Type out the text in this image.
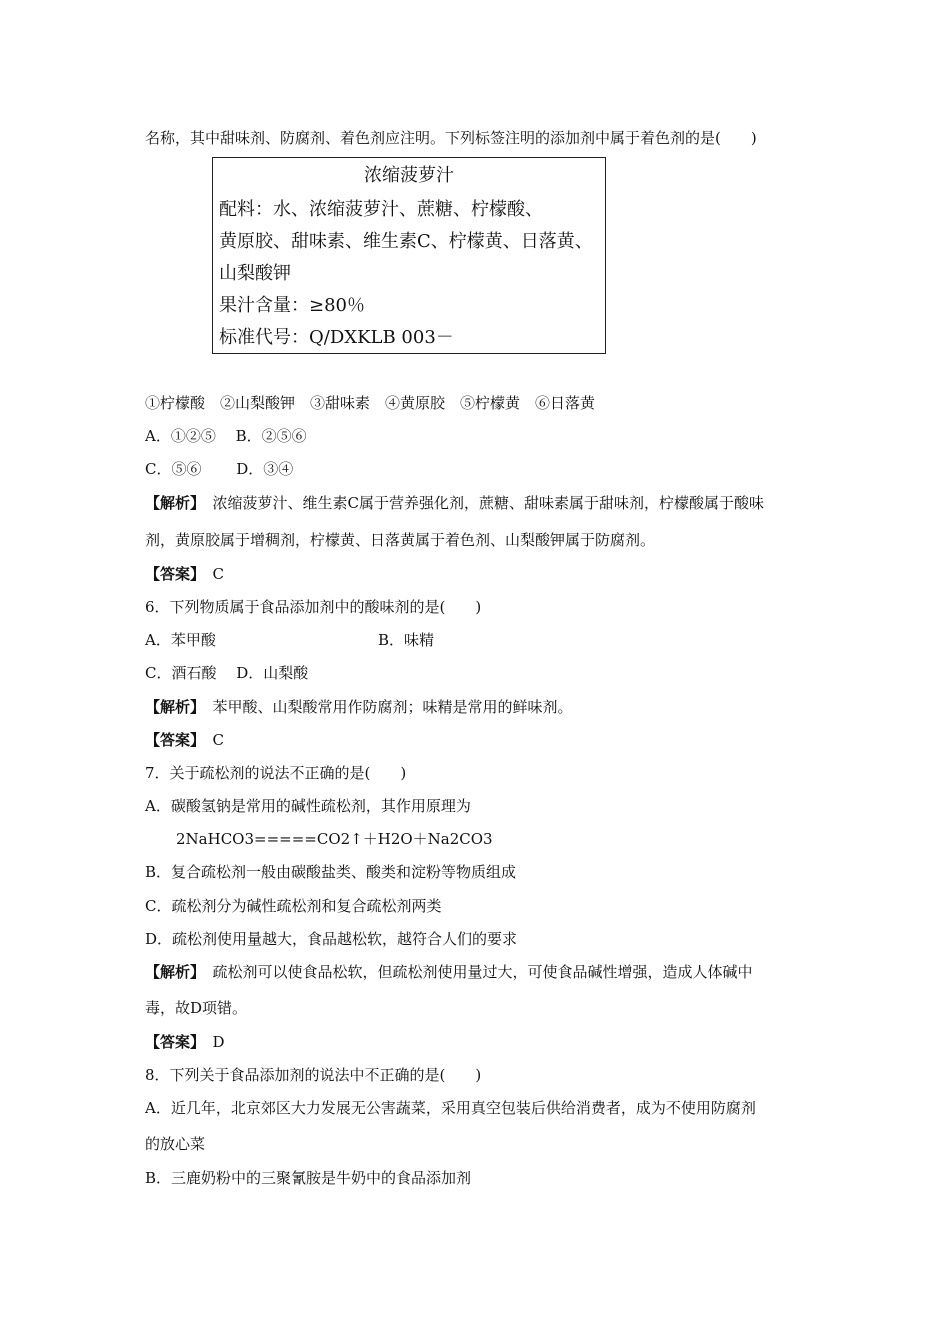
名称，其中甜味剂、防腐剂、着色剂应注明。下列标签注明的添加剂中属于着色剂的是(　　)
浓缩菠萝汁
配料：水、浓缩菠萝汁、蔗糖、柠檬酸、
黄原胶、甜味素、维生素C、柠檬黄、日落黄、
山梨酸钾
果汁含量：≥80％
标准代号：Q/DXKLB 003－
①柠檬酸　②山梨酸钾　③甜味素　④黄原胶　⑤柠檬黄　⑥日落黄
A．①②⑤　 B．②⑤⑥
C．⑤⑥　　 D．③④
【解析】　浓缩菠萝汁、维生素C属于营养强化剂，蔗糖、甜味素属于甜味剂，柠檬酸属于酸味
剂，黄原胶属于增稠剂，柠檬黄、日落黄属于着色剂、山梨酸钾属于防腐剂。
【答案】　C
6．下列物质属于食品添加剂中的酸味剂的是(　　)
A．苯甲酸	B．味精
C．酒石酸　 D．山梨酸
【解析】　苯甲酸、山梨酸常用作防腐剂；味精是常用的鲜味剂。
【答案】　C
7．关于疏松剂的说法不正确的是(　　)
A．碳酸氢钠是常用的碱性疏松剂，其作用原理为
2NaHCO3=====CO2↑＋H2O＋Na2CO3
B．复合疏松剂一般由碳酸盐类、酸类和淀粉等物质组成
C．疏松剂分为碱性疏松剂和复合疏松剂两类
D．疏松剂使用量越大，食品越松软，越符合人们的要求
【解析】　疏松剂可以使食品松软，但疏松剂使用量过大，可使食品碱性增强，造成人体碱中
毒，故D项错。
【答案】　D
8．下列关于食品添加剂的说法中不正确的是(　　)
A．近几年，北京郊区大力发展无公害蔬菜，采用真空包装后供给消费者，成为不使用防腐剂
的放心菜
B．三鹿奶粉中的三聚氰胺是牛奶中的食品添加剂
